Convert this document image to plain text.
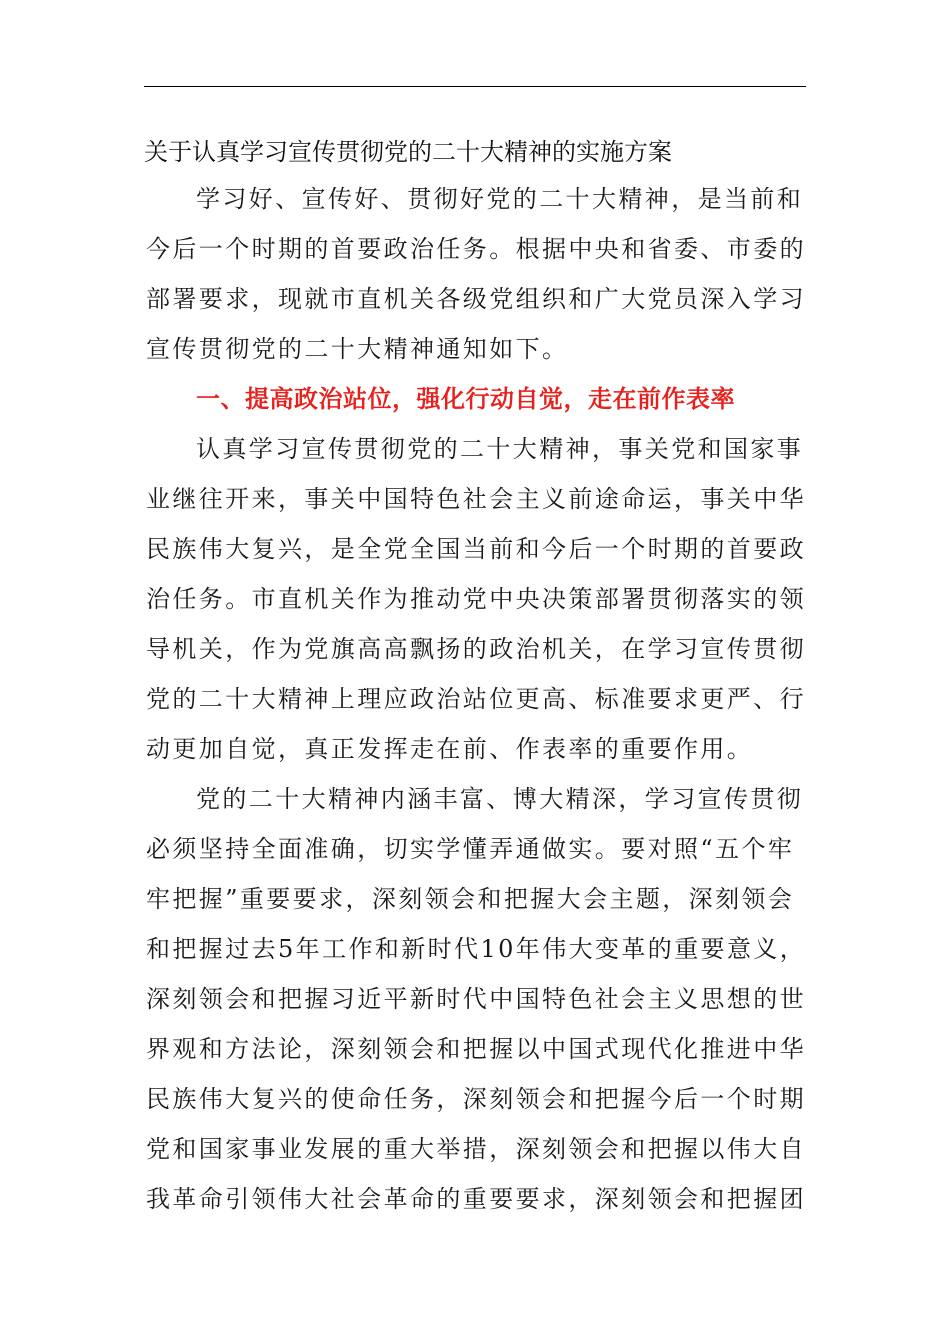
关于认真学习宣传贯彻党的二十大精神的实施方案
学习好、宣传好、贯彻好党的二十大精神，是当前和
今后一个时期的首要政治任务。根据中央和省委、市委的
部署要求，现就市直机关各级党组织和广大党员深入学习
宣传贯彻党的二十大精神通知如下。
一、提高政治站位，强化行动自觉，走在前作表率
认真学习宣传贯彻党的二十大精神，事关党和国家事
业继往开来，事关中国特色社会主义前途命运，事关中华
民族伟大复兴，是全党全国当前和今后一个时期的首要政
治任务。市直机关作为推动党中央决策部署贯彻落实的领
导机关，作为党旗高高飘扬的政治机关，在学习宣传贯彻
党的二十大精神上理应政治站位更高、标准要求更严、行
动更加自觉，真正发挥走在前、作表率的重要作用。
党的二十大精神内涵丰富、博大精深，学习宣传贯彻
必须坚持全面准确，切实学懂弄通做实。要对照“五个牢
牢把握”重要要求，深刻领会和把握大会主题，深刻领会
和把握过去5年工作和新时代10年伟大变革的重要意义，
深刻领会和把握习近平新时代中国特色社会主义思想的世
界观和方法论，深刻领会和把握以中国式现代化推进中华
民族伟大复兴的使命任务，深刻领会和把握今后一个时期
党和国家事业发展的重大举措，深刻领会和把握以伟大自
我革命引领伟大社会革命的重要要求，深刻领会和把握团
